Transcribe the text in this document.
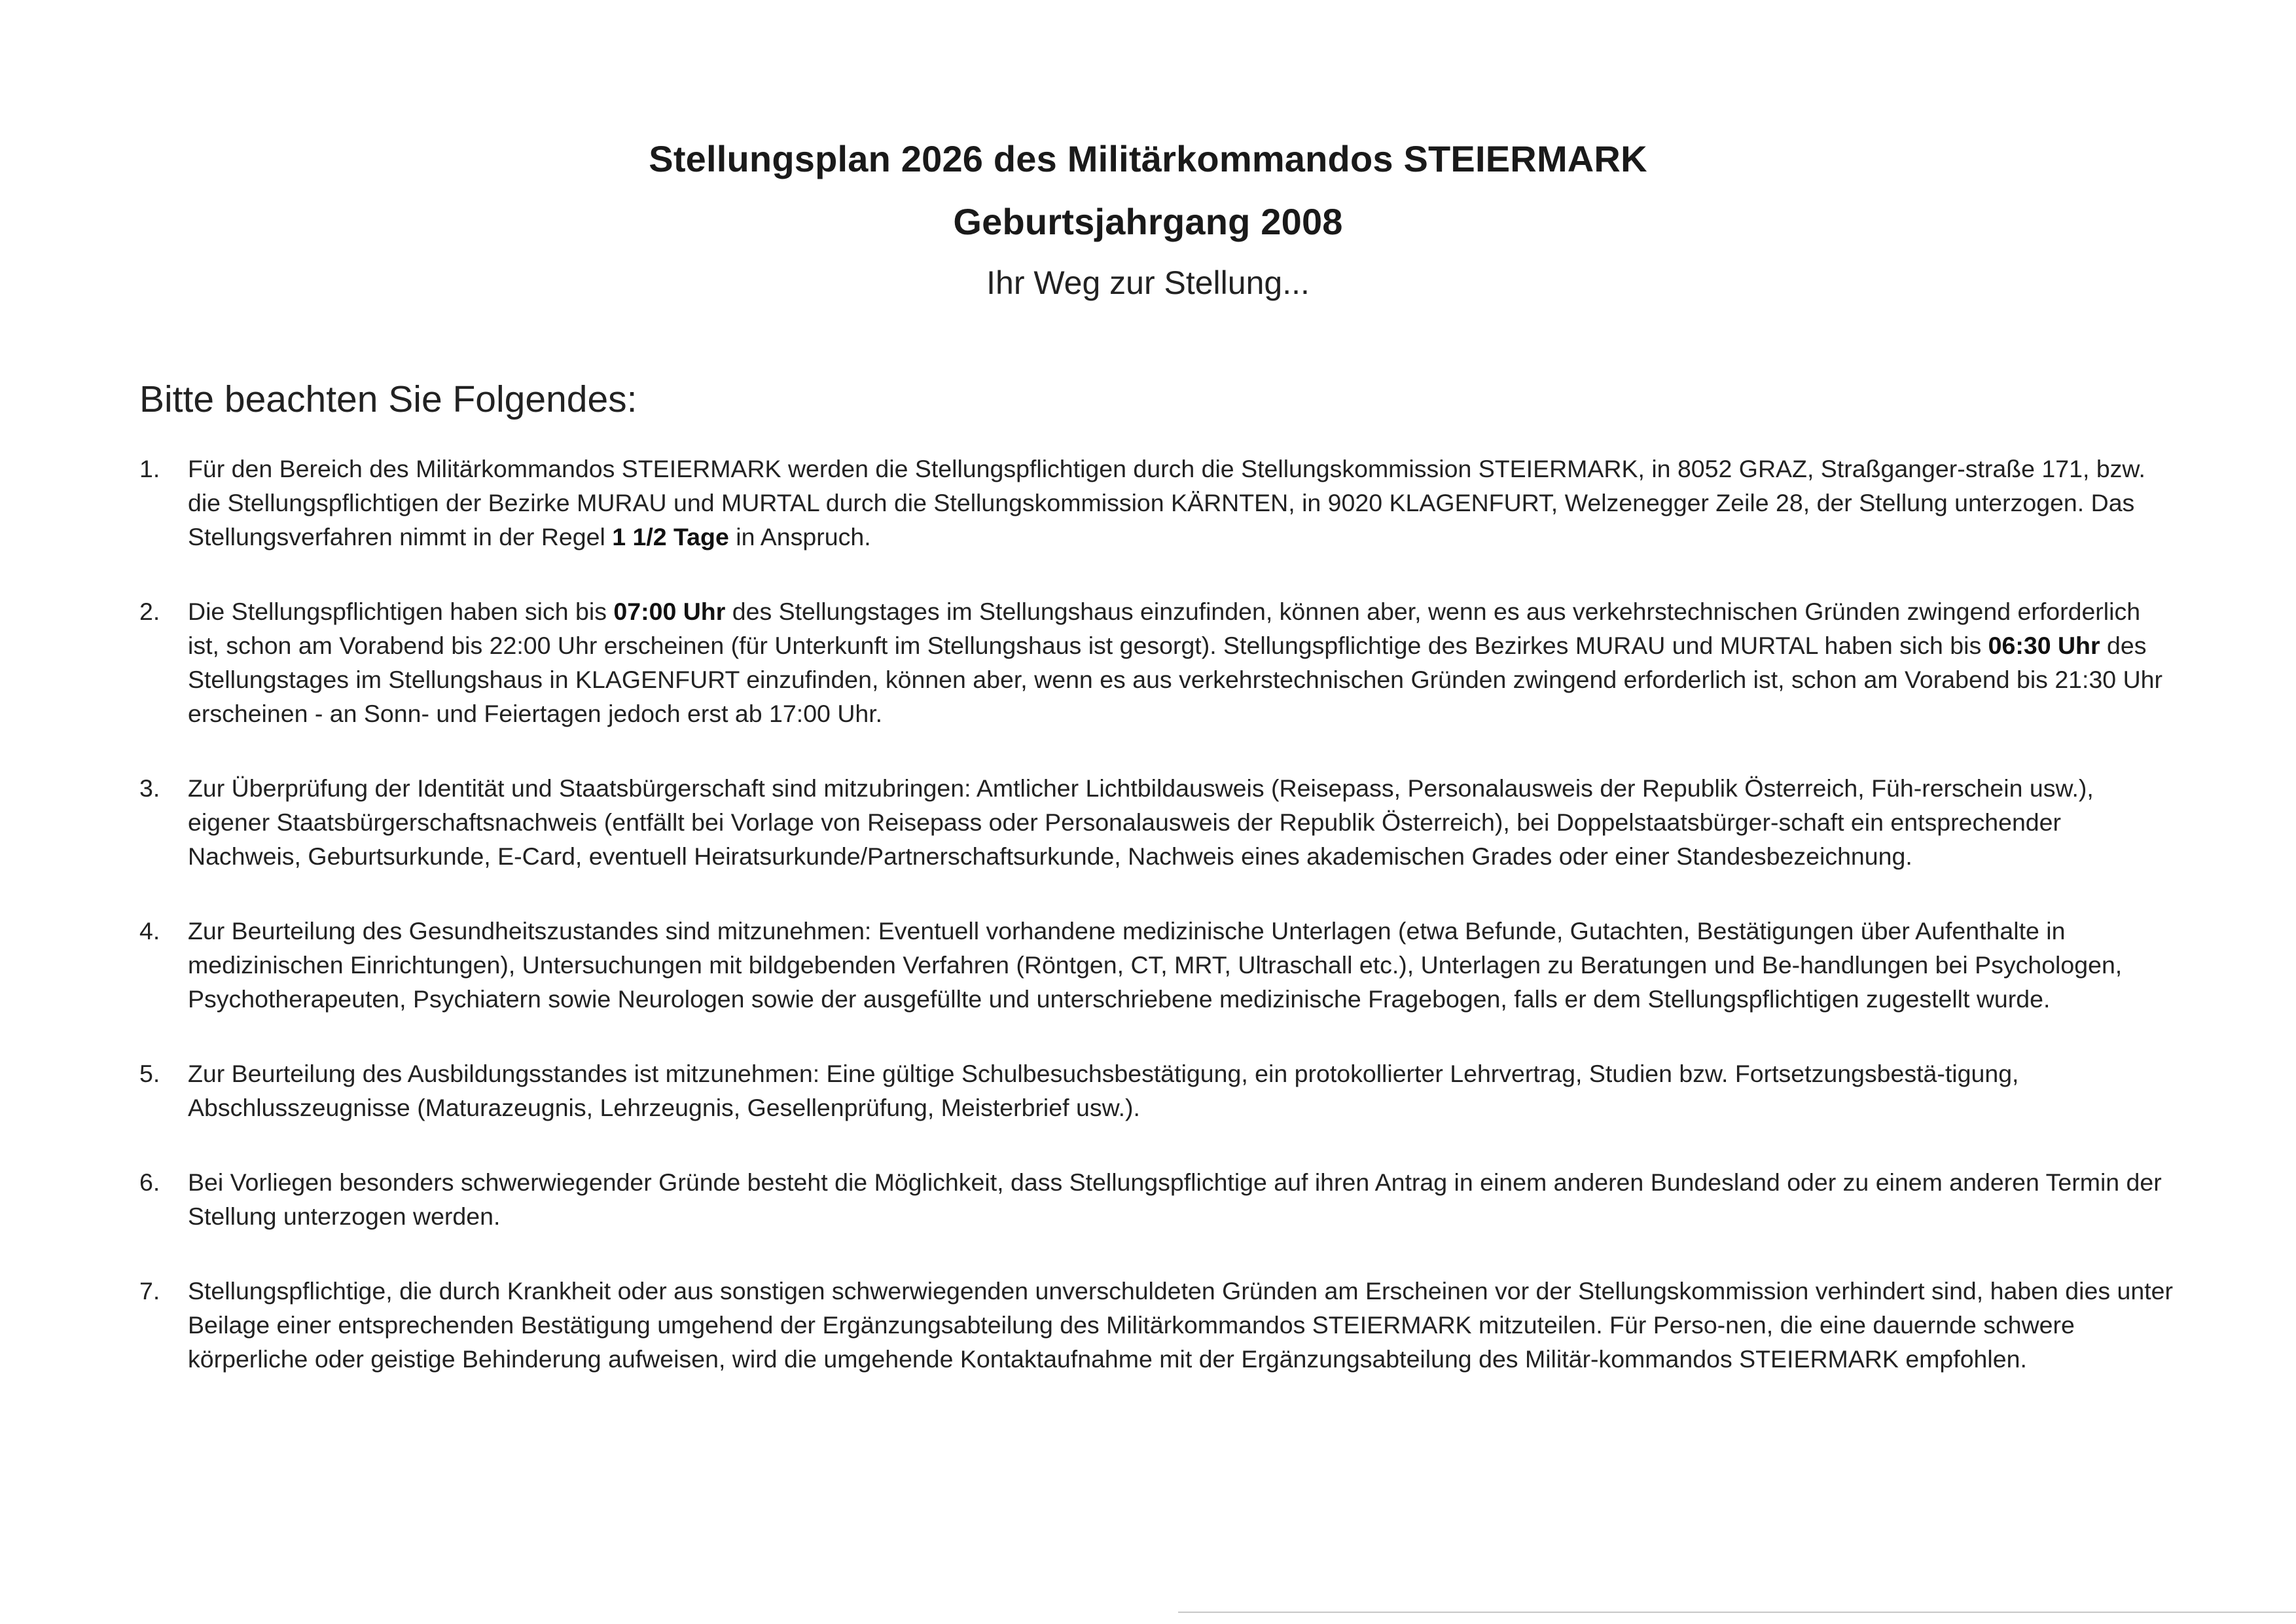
Stellungsplan 2026 des Militärkommandos STEIERMARK
Geburtsjahrgang 2008
Ihr Weg zur Stellung...
Bitte beachten Sie Folgendes:
1.	Für den Bereich des Militärkommandos STEIERMARK werden die Stellungspflichtigen durch die Stellungskommission STEIERMARK, in 8052 GRAZ, Straßganger-straße 171, bzw. die Stellungspflichtigen der Bezirke MURAU und MURTAL durch die Stellungskommission KÄRNTEN, in 9020 KLAGENFURT, Welzenegger Zeile 28, der Stellung unterzogen. Das Stellungsverfahren nimmt in der Regel 1 1/2 Tage in Anspruch.
2.	Die Stellungspflichtigen haben sich bis 07:00 Uhr des Stellungstages im Stellungshaus einzufinden, können aber, wenn es aus verkehrstechnischen Gründen zwingend erforderlich ist, schon am Vorabend bis 22:00 Uhr erscheinen (für Unterkunft im Stellungshaus ist gesorgt). Stellungspflichtige des Bezirkes MURAU und MURTAL haben sich bis 06:30 Uhr des Stellungstages im Stellungshaus in KLAGENFURT einzufinden, können aber, wenn es aus verkehrstechnischen Gründen zwingend erforderlich ist, schon am Vorabend bis 21:30 Uhr erscheinen - an Sonn- und Feiertagen jedoch erst ab 17:00 Uhr.
3.	Zur Überprüfung der Identität und Staatsbürgerschaft sind mitzubringen: Amtlicher Lichtbildausweis (Reisepass, Personalausweis der Republik Österreich, Füh-rerschein usw.), eigener Staatsbürgerschaftsnachweis (entfällt bei Vorlage von Reisepass oder Personalausweis der Republik Österreich), bei Doppelstaatsbürger-schaft ein entsprechender Nachweis, Geburtsurkunde, E-Card, eventuell Heiratsurkunde/Partnerschaftsurkunde, Nachweis eines akademischen Grades oder einer Standesbezeichnung.
4.	Zur Beurteilung des Gesundheitszustandes sind mitzunehmen: Eventuell vorhandene medizinische Unterlagen (etwa Befunde, Gutachten, Bestätigungen über Aufenthalte in medizinischen Einrichtungen), Untersuchungen mit bildgebenden Verfahren (Röntgen, CT, MRT, Ultraschall etc.), Unterlagen zu Beratungen und Be-handlungen bei Psychologen, Psychotherapeuten, Psychiatern sowie Neurologen sowie der ausgefüllte und unterschriebene medizinische Fragebogen, falls er dem Stellungspflichtigen zugestellt wurde.
5.	Zur Beurteilung des Ausbildungsstandes ist mitzunehmen: Eine gültige Schulbesuchsbestätigung, ein protokollierter Lehrvertrag, Studien bzw. Fortsetzungsbestä-tigung, Abschlusszeugnisse (Maturazeugnis, Lehrzeugnis, Gesellenprüfung, Meisterbrief usw.).
6.	Bei Vorliegen besonders schwerwiegender Gründe besteht die Möglichkeit, dass Stellungspflichtige auf ihren Antrag in einem anderen Bundesland oder zu einem anderen Termin der Stellung unterzogen werden.
7.	Stellungspflichtige, die durch Krankheit oder aus sonstigen schwerwiegenden unverschuldeten Gründen am Erscheinen vor der Stellungskommission verhindert sind, haben dies unter Beilage einer entsprechenden Bestätigung umgehend der Ergänzungsabteilung des Militärkommandos STEIERMARK mitzuteilen. Für Perso-nen, die eine dauernde schwere körperliche oder geistige Behinderung aufweisen, wird die umgehende Kontaktaufnahme mit der Ergänzungsabteilung des Militär-kommandos STEIERMARK empfohlen.
